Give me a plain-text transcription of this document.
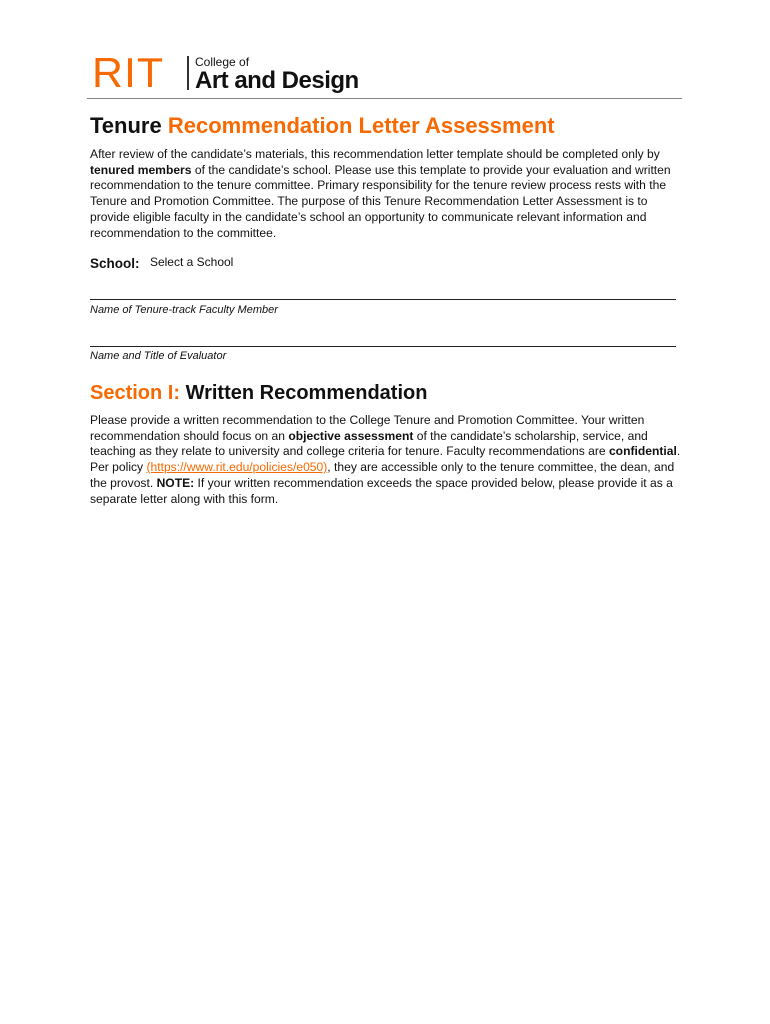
RIT	College of
Art and Design
Tenure Recommendation Letter Assessment

After review of the candidate’s materials, this recommendation letter template should be completed only by tenured members of the candidate’s school. Please use this template to provide your evaluation and written recommendation to the tenure committee. Primary responsibility for the tenure review process rests with the Tenure and Promotion Committee. The purpose of this Tenure Recommendation Letter Assessment is to provide eligible faculty in the candidate’s school an opportunity to communicate relevant information and recommendation to the committee.

School: Select a School
Name of Tenure-track Faculty Member
Name and Title of Evaluator
Section I: Written Recommendation

Please provide a written recommendation to the College Tenure and Promotion Committee. Your written recommendation should focus on an objective assessment of the candidate’s scholarship, service, and teaching as they relate to university and college criteria for tenure. Faculty recommendations are confidential. Per policy (https://www.rit.edu/policies/e050), they are accessible only to the tenure committee, the dean, and the provost. NOTE: If your written recommendation exceeds the space provided below, please provide it as a separate letter along with this form.
